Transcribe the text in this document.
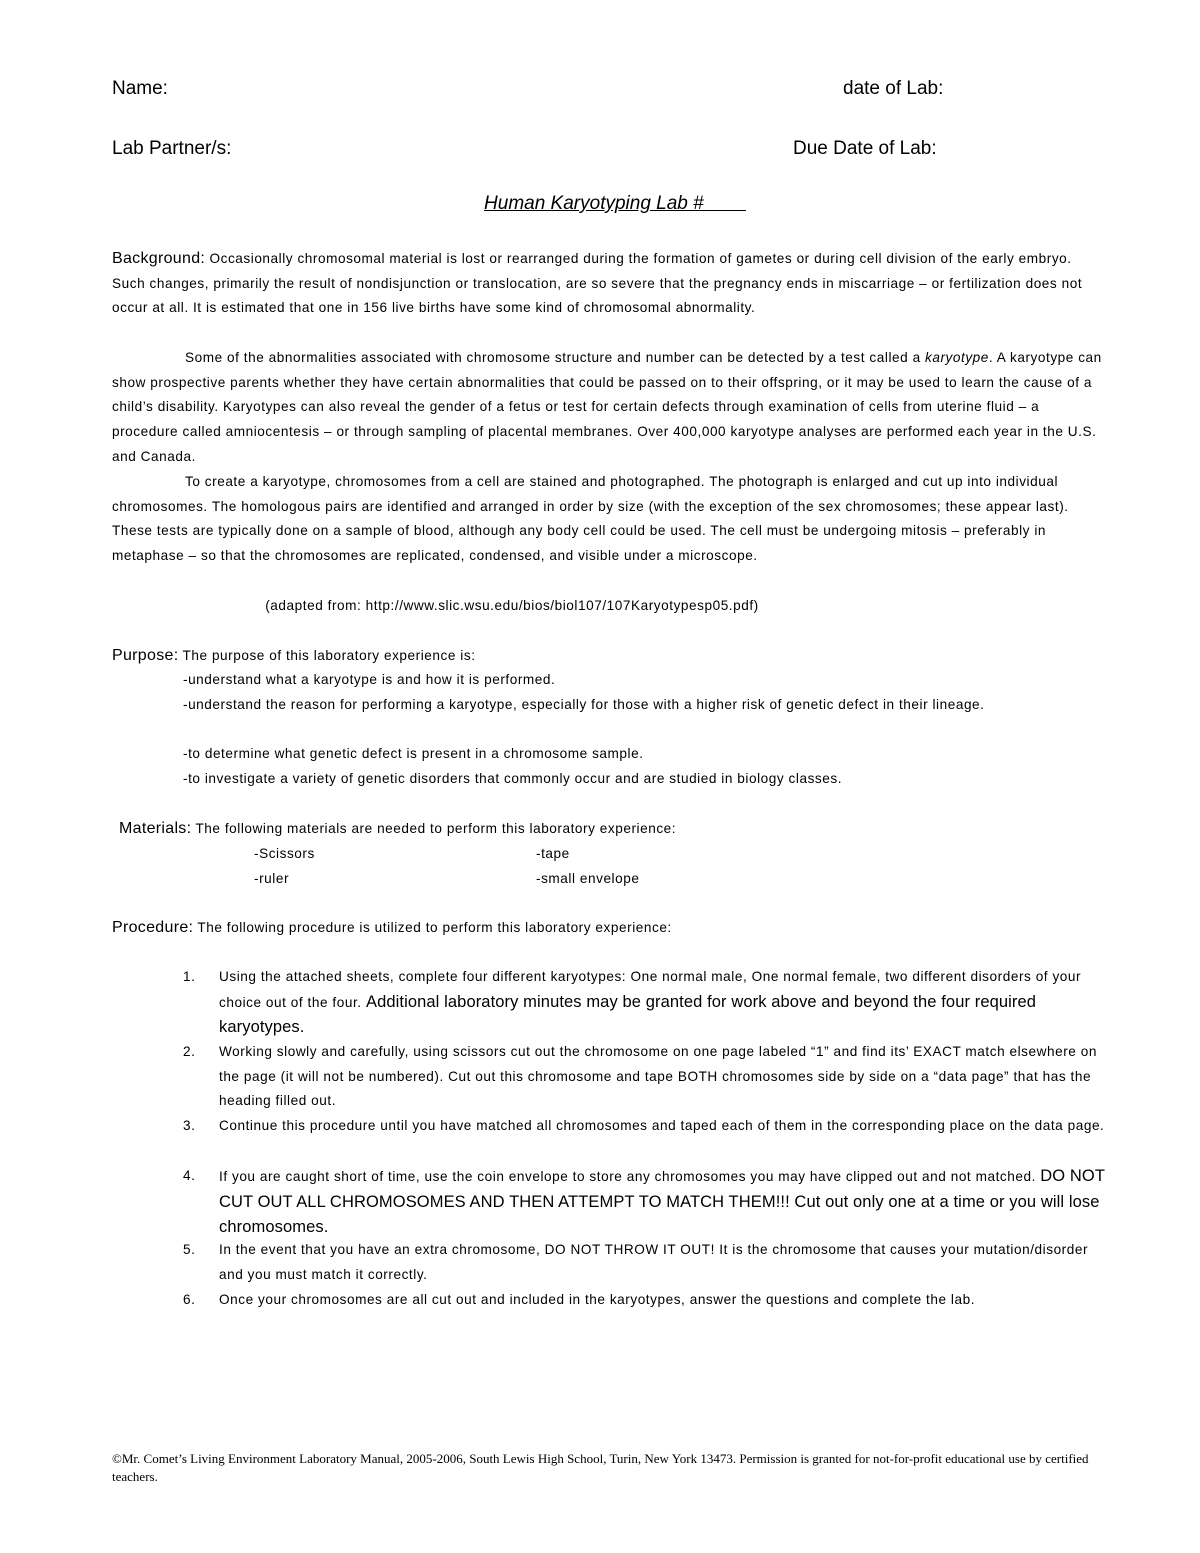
Name:	date of Lab:
Lab Partner/s:	Due Date of Lab:
Human Karyotyping Lab #

Background: Occasionally chromosomal material is lost or rearranged during the formation of gametes or during cell division of the early embryo. Such changes, primarily the result of nondisjunction or translocation, are so severe that the pregnancy ends in miscarriage – or fertilization does not occur at all. It is estimated that one in 156 live births have some kind of chromosomal abnormality.

Some of the abnormalities associated with chromosome structure and number can be detected by a test called a karyotype. A karyotype can show prospective parents whether they have certain abnormalities that could be passed on to their offspring, or it may be used to learn the cause of a child’s disability. Karyotypes can also reveal the gender of a fetus or test for certain defects through examination of cells from uterine fluid – a procedure called amniocentesis – or through sampling of placental membranes. Over 400,000 karyotype analyses are performed each year in the U.S. and Canada.

To create a karyotype, chromosomes from a cell are stained and photographed. The photograph is enlarged and cut up into individual chromosomes. The homologous pairs are identified and arranged in order by size (with the exception of the sex chromosomes; these appear last). These tests are typically done on a sample of blood, although any body cell could be used. The cell must be undergoing mitosis – preferably in metaphase – so that the chromosomes are replicated, condensed, and visible under a microscope.

(adapted from: http://www.slic.wsu.edu/bios/biol107/107Karyotypesp05.pdf)
Purpose: The purpose of this laboratory experience is:

-understand what a karyotype is and how it is performed.

-understand the reason for performing a karyotype, especially for those with a higher risk of genetic defect in their lineage.

-to determine what genetic defect is present in a chromosome sample.

-to investigate a variety of genetic disorders that commonly occur and are studied in biology classes.

Materials: The following materials are needed to perform this laboratory experience:
-Scissors	-tape
-ruler	-small envelope
Procedure: The following procedure is utilized to perform this laboratory experience:
1. Using the attached sheets, complete four different karyotypes: One normal male, One normal female, two different disorders of your choice out of the four. Additional laboratory minutes may be granted for work above and beyond the four required karyotypes.

2. Working slowly and carefully, using scissors cut out the chromosome on one page labeled “1” and find its’ EXACT match elsewhere on the page (it will not be numbered). Cut out this chromosome and tape BOTH chromosomes side by side on a “data page” that has the heading filled out.

3. Continue this procedure until you have matched all chromosomes and taped each of them in the corresponding place on the data page.

4. If you are caught short of time, use the coin envelope to store any chromosomes you may have clipped out and not matched. DO NOT CUT OUT ALL CHROMOSOMES AND THEN ATTEMPT TO MATCH THEM!!! Cut out only one at a time or you will lose chromosomes.

5. In the event that you have an extra chromosome, DO NOT THROW IT OUT! It is the chromosome that causes your mutation/disorder and you must match it correctly.

6. Once your chromosomes are all cut out and included in the karyotypes, answer the questions and complete the lab.

©Mr. Comet’s Living Environment Laboratory Manual, 2005-2006, South Lewis High School, Turin, New York 13473. Permission is granted for not-for-profit educational use by certified teachers.
